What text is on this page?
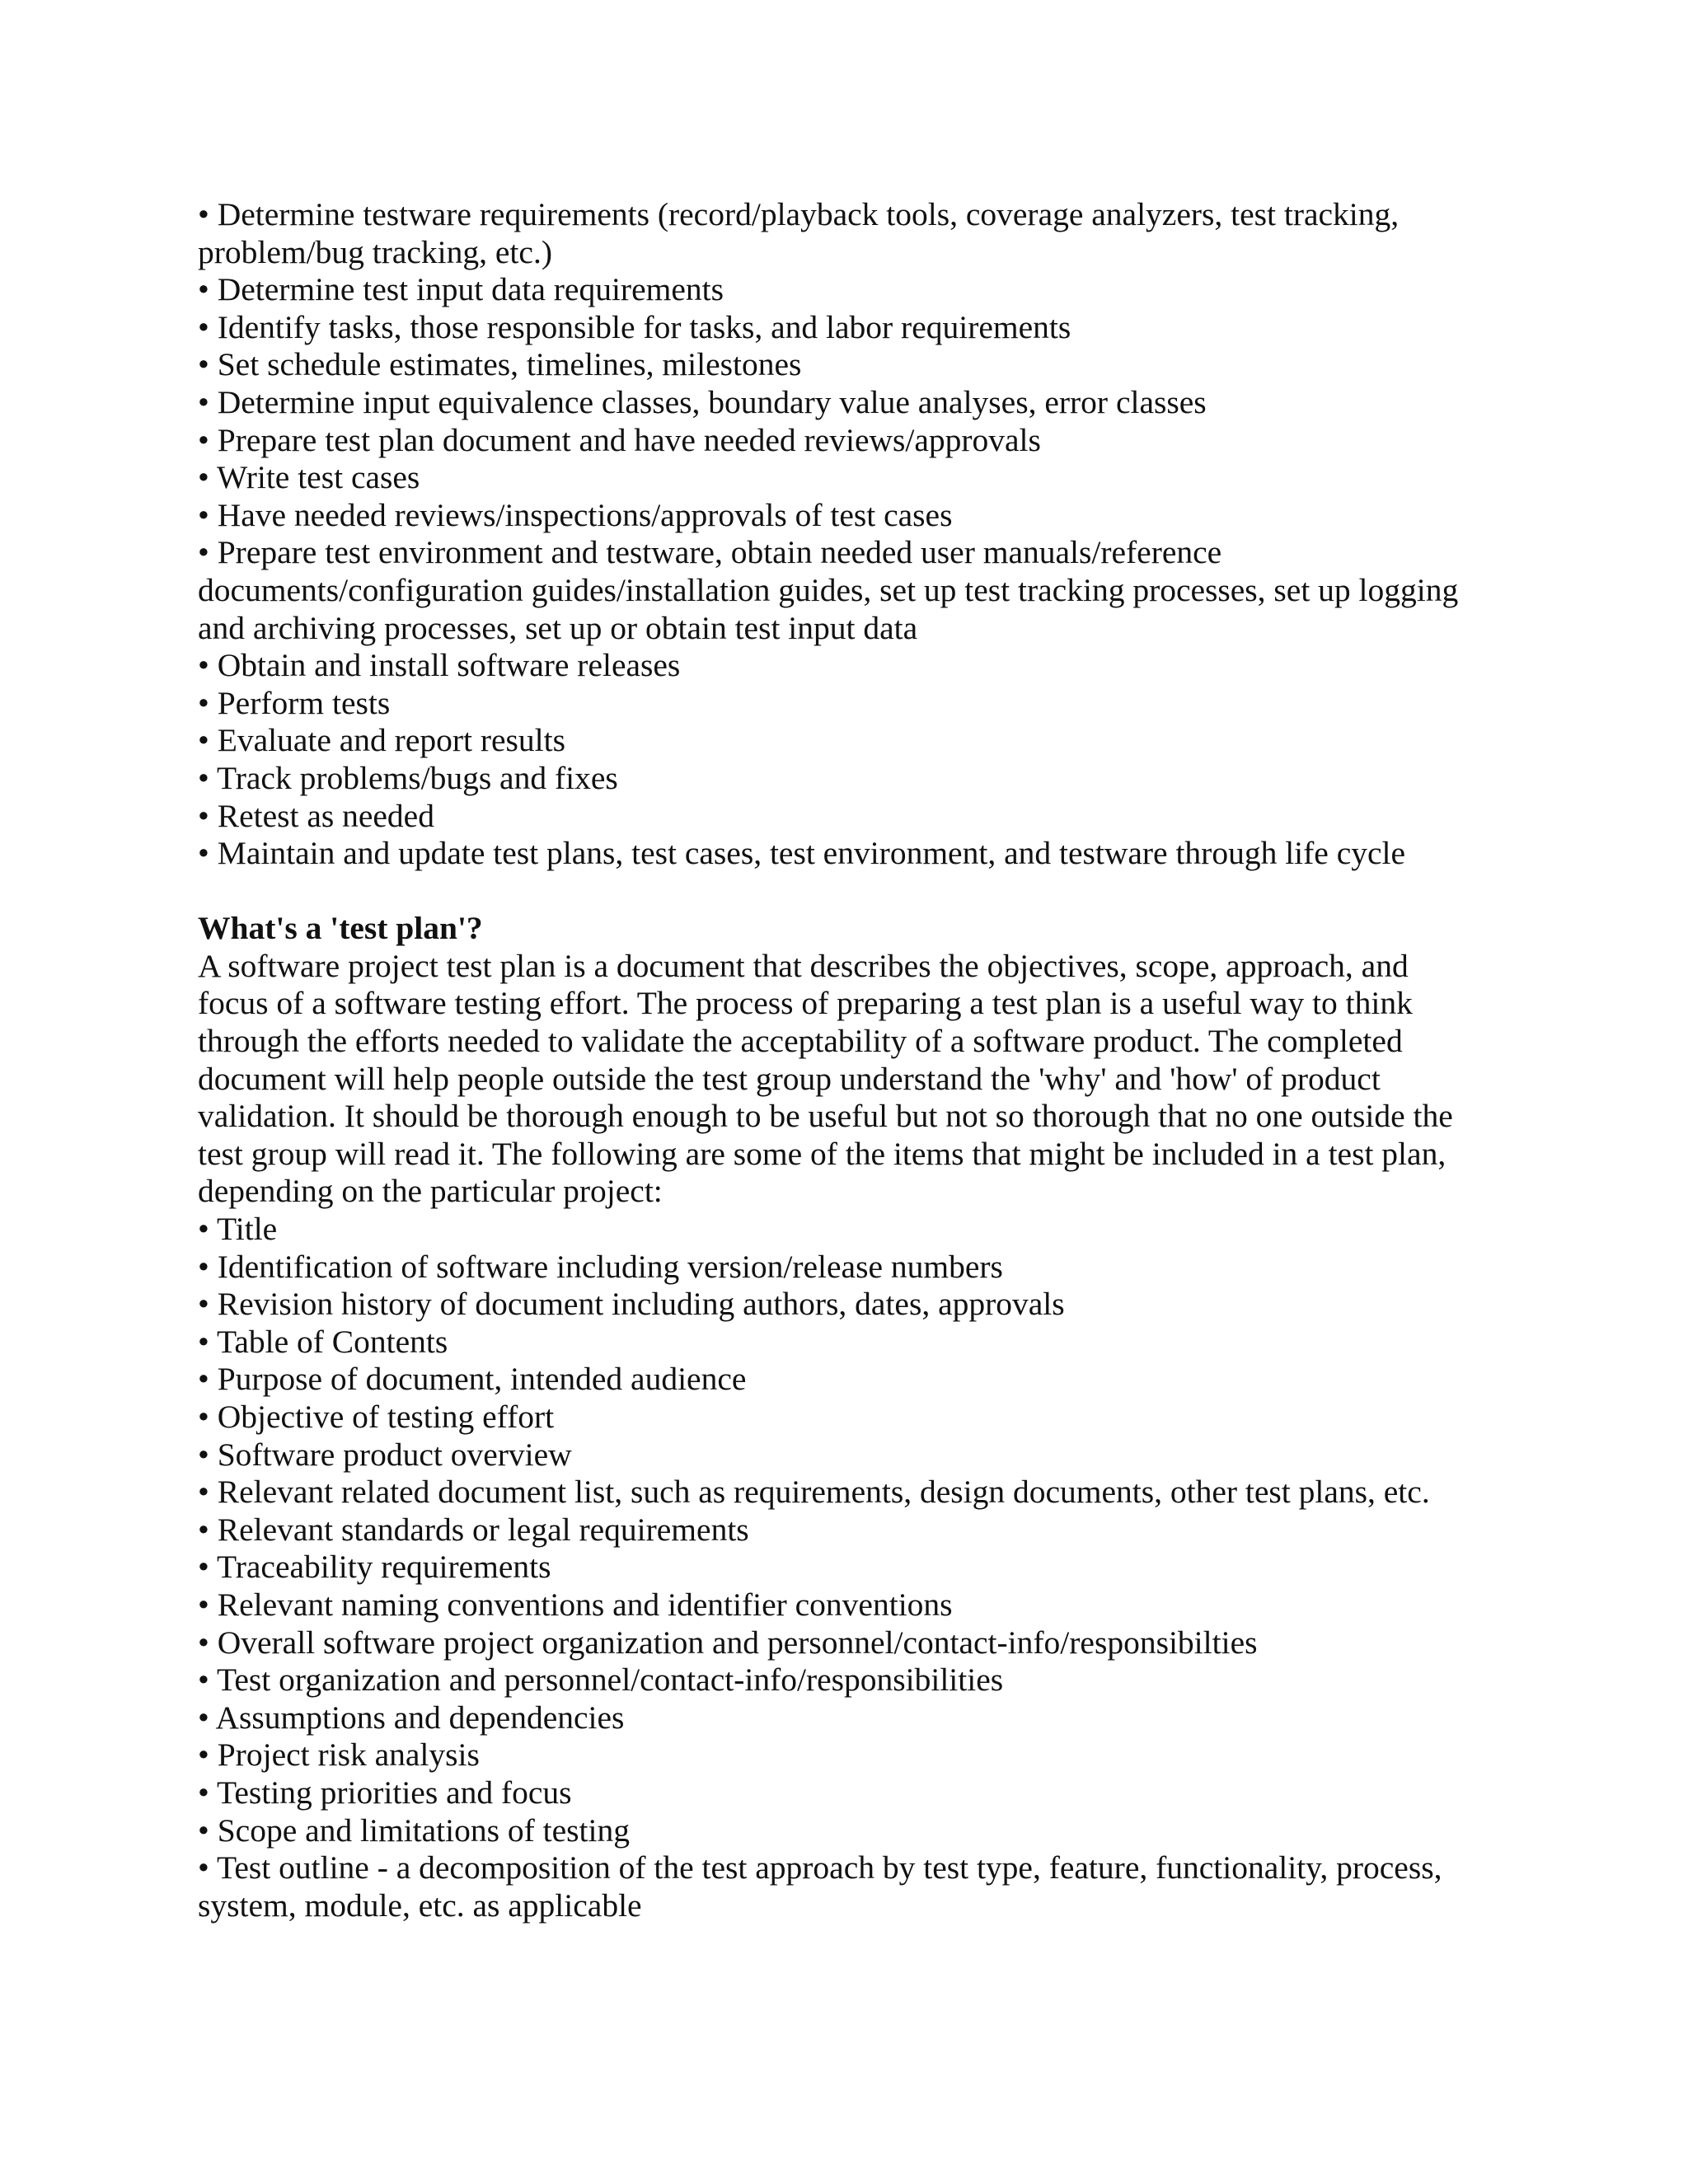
• Determine testware requirements (record/playback tools, coverage analyzers, test tracking, problem/bug tracking, etc.)
• Determine test input data requirements
• Identify tasks, those responsible for tasks, and labor requirements
• Set schedule estimates, timelines, milestones
• Determine input equivalence classes, boundary value analyses, error classes
• Prepare test plan document and have needed reviews/approvals
• Write test cases
• Have needed reviews/inspections/approvals of test cases
• Prepare test environment and testware, obtain needed user manuals/reference documents/configuration guides/installation guides, set up test tracking processes, set up logging and archiving processes, set up or obtain test input data
• Obtain and install software releases
• Perform tests
• Evaluate and report results
• Track problems/bugs and fixes
• Retest as needed
• Maintain and update test plans, test cases, test environment, and testware through life cycle

What's a 'test plan'?

A software project test plan is a document that describes the objectives, scope, approach, and focus of a software testing effort. The process of preparing a test plan is a useful way to think through the efforts needed to validate the acceptability of a software product. The completed document will help people outside the test group understand the 'why' and 'how' of product validation. It should be thorough enough to be useful but not so thorough that no one outside the test group will read it. The following are some of the items that might be included in a test plan, depending on the particular project:

• Title
• Identification of software including version/release numbers
• Revision history of document including authors, dates, approvals
• Table of Contents
• Purpose of document, intended audience
• Objective of testing effort
• Software product overview
• Relevant related document list, such as requirements, design documents, other test plans, etc.
• Relevant standards or legal requirements
• Traceability requirements
• Relevant naming conventions and identifier conventions
• Overall software project organization and personnel/contact-info/responsibilties
• Test organization and personnel/contact-info/responsibilities
• Assumptions and dependencies
• Project risk analysis
• Testing priorities and focus
• Scope and limitations of testing
• Test outline - a decomposition of the test approach by test type, feature, functionality, process, system, module, etc. as applicable
